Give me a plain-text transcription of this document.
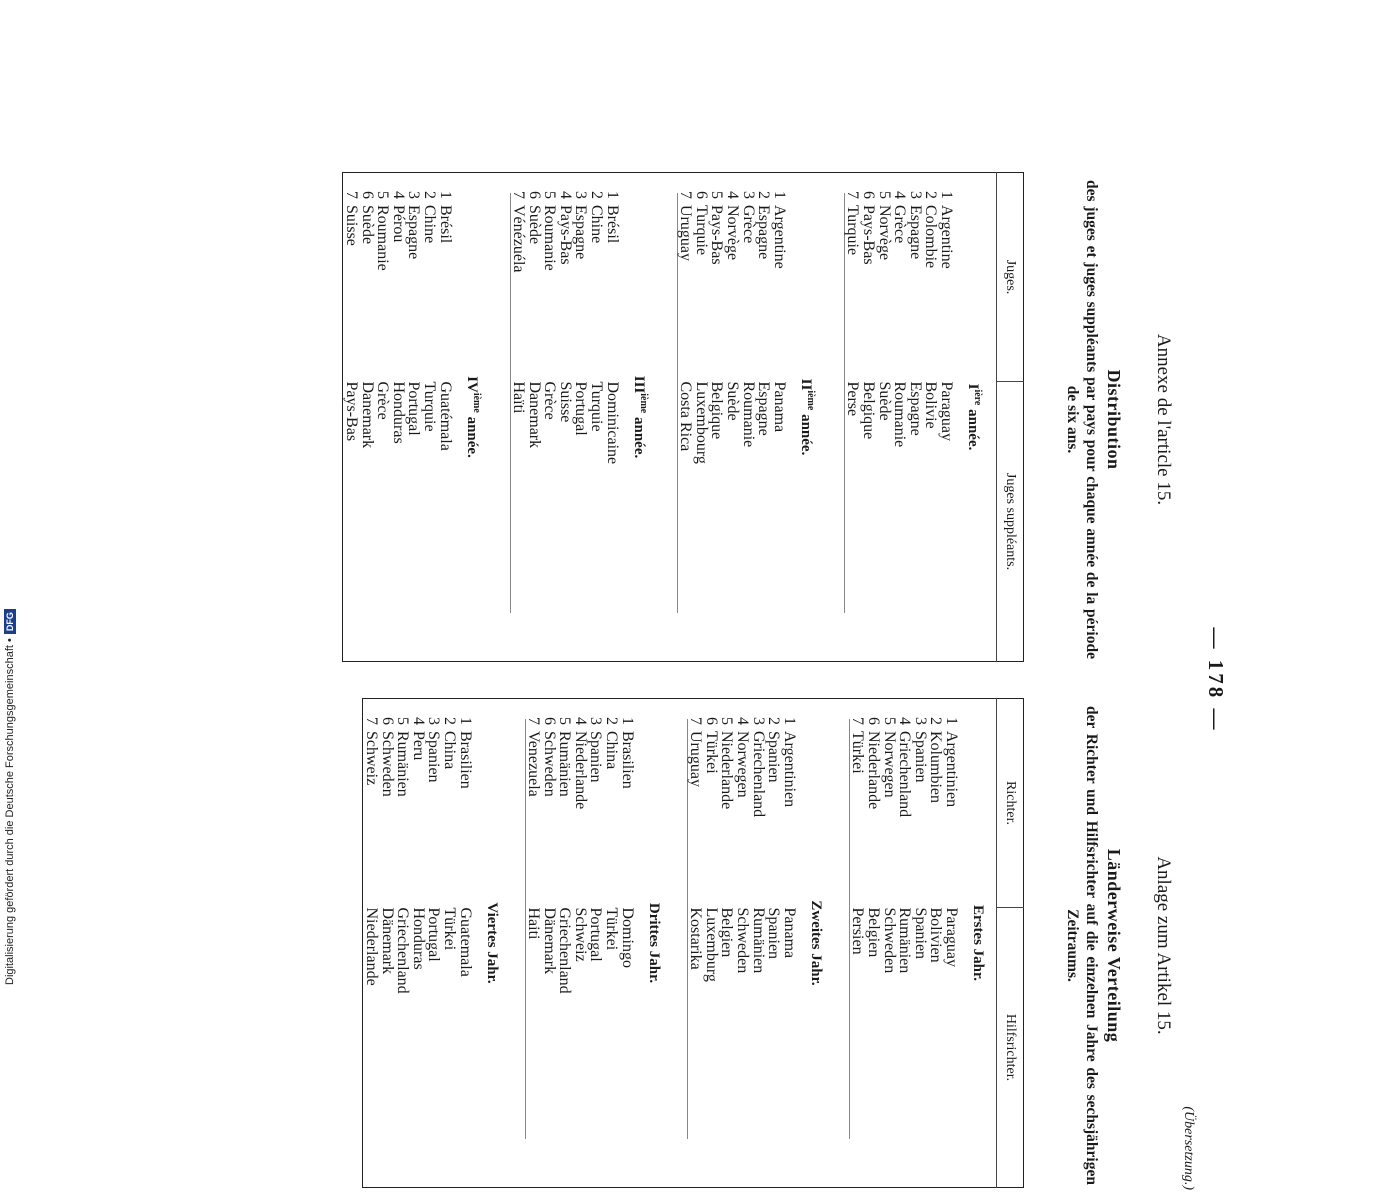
— 178 —
(Übersetzung.)
Annexe de l'article 15.
Distribution
des juges et juges suppléants par pays pour chaque année de la période de six ans.
Juges.	Juges suppléants.
$I^{ière}$ année.	

1
Argentine	Paraguay

2
Colombie	Bolivie

3
Espagne	Espagne

4
Grèce	Roumanie

5
Norvège	Suède

6
Pays-Bas	Belgique

7
Turquie	Perse

IIième année.	

1
Argentine	Panama

2
Espagne	Espagne

3
Grèce	Roumanie

4
Norvège	Suède

5
Pays-Bas	Belgique

6
Turquie	Luxembourg

7
Uruguay	Costa Rica

IIIième année.	

1
Brésil	Dominicaine

2
Chine	Turquie

3
Espagne	Portugal

4
Pays-Bas	Suisse

5
Roumanie	Grèce

6
Suède	Danemark

7
Vénézuéla	Haïti

IVième année.	

1
Brésil	Guatémala

2
Chine	Turquie

3
Espagne	Portugal

4
Pérou	Honduras

5
Roumanie	Grèce

6
Suède	Danemark

7
Suisse	Pays-Bas
Anlage zum Artikel 15.
Länderweise Verteilung
der Richter und Hilfsrichter auf die einzelnen Jahre des sechsjährigen Zeitraums.
Richter.	Hilfsrichter.
Erstes Jahr.	

1
Argentinien	Paraguay

2
Kolumbien	Bolivien

3
Spanien	Spanien

4
Griechenland	Rumänien

5
Norwegen	Schweden

6
Niederlande	Belgien

7
Türkei	Persien

Zweites Jahr.	

1
Argentinien	Panama

2
Spanien	Spanien

3
Griechenland	Rumänien

4
Norwegen	Schweden

5
Niederlande	Belgien

6
Türkei	Luxemburg

7
Uruguay	Kostarika

Drittes Jahr.	

1
Brasilien	Domingo

2
China	Türkei

3
Spanien	Portugal

4
Niederlande	Schweiz

5
Rumänien	Griechenland

6
Schweden	Dänemark

7
Venezuela	Haiti

Viertes Jahr.	

1
Brasilien	Guatemala

2
China	Türkei

3
Spanien	Portugal

4
Peru	Honduras

5
Rumänien	Griechenland

6
Schweden	Dänemark

7
Schweiz	Niederlande
Digitalisierung gefördert durch die Deutsche Forschungsgemeinschaft •DFG
